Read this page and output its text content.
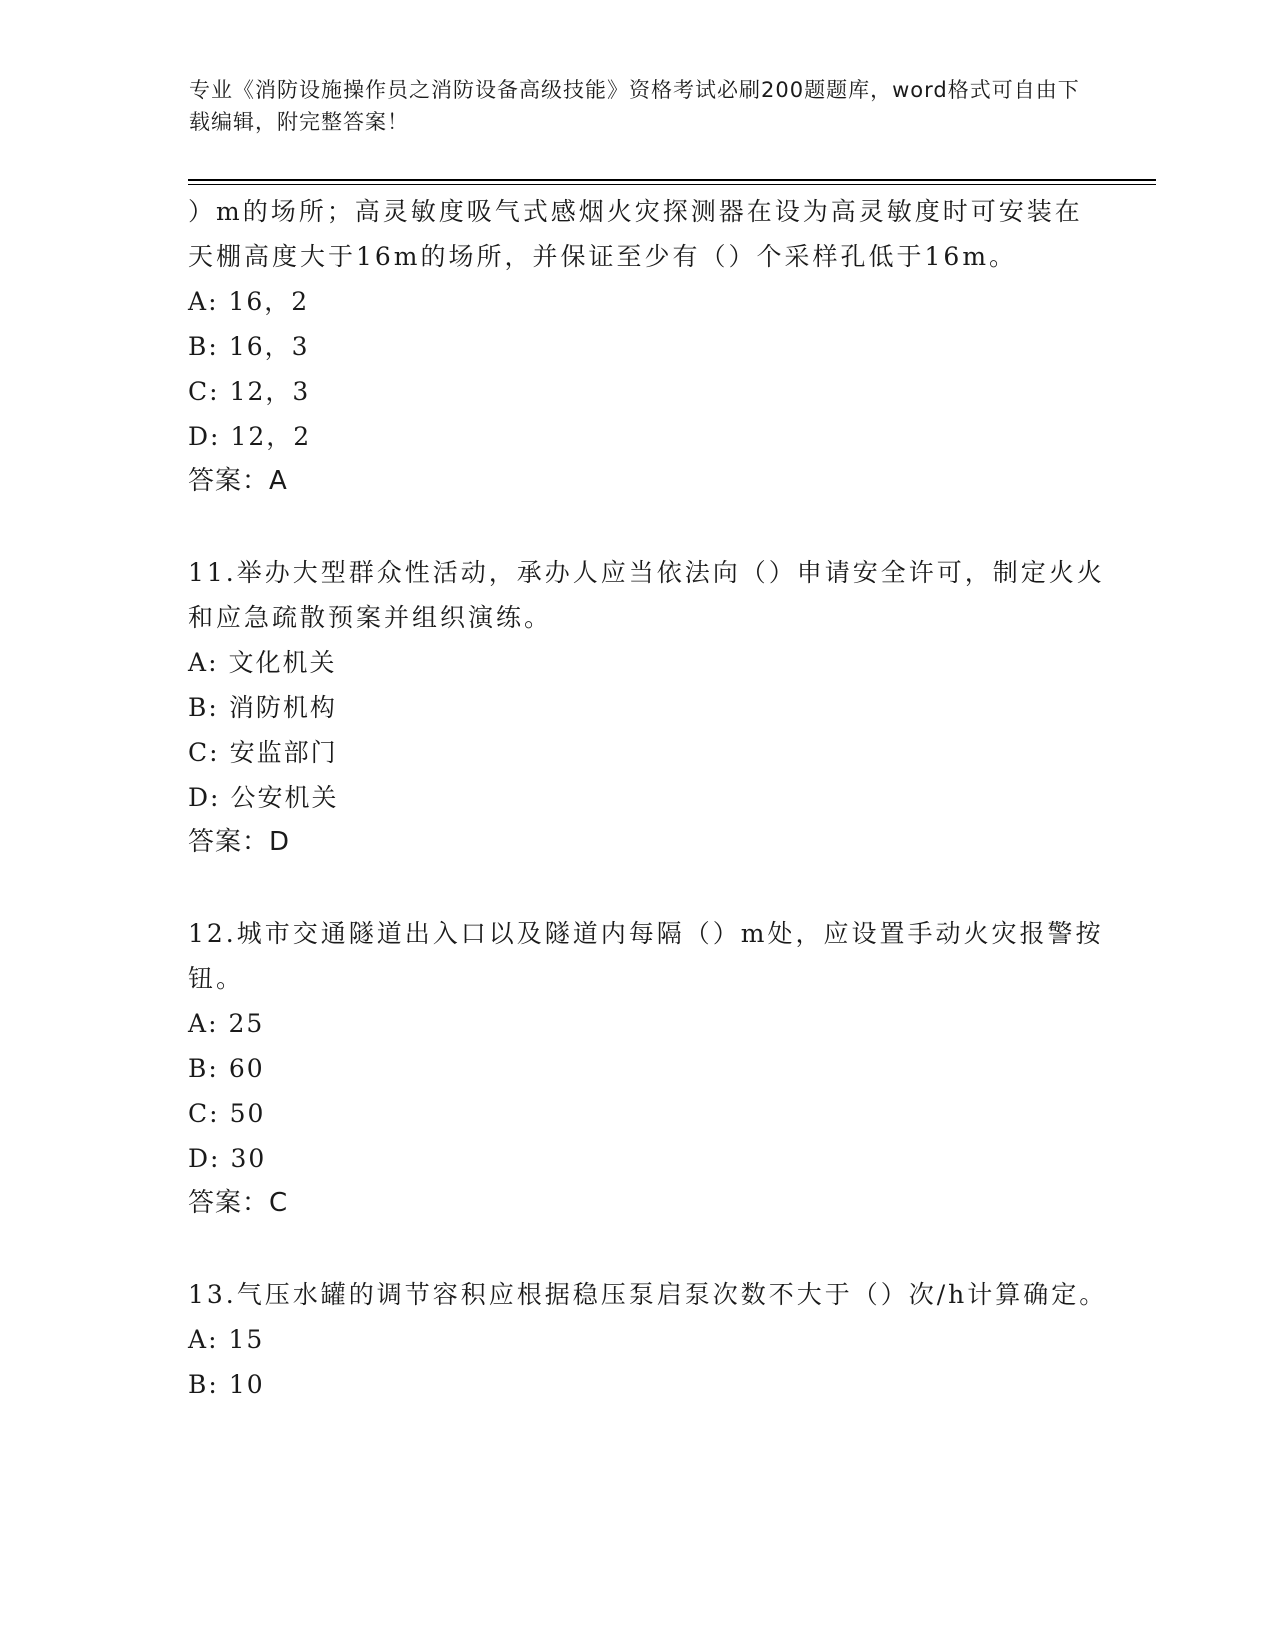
专业《消防设施操作员之消防设备高级技能》资格考试必刷200题题库，word格式可自由下载编辑，附完整答案！

）m的场所；高灵敏度吸气式感烟火灾探测器在设为高灵敏度时可安装在天棚高度大于16m的场所，并保证至少有（）个采样孔低于16m。

A: 16，2

B: 16，3

C: 12，3

D: 12，2

答案：A

11.举办大型群众性活动，承办人应当依法向（）申请安全许可，制定火火和应急疏散预案并组织演练。

A: 文化机关

B: 消防机构

C: 安监部门

D: 公安机关

答案：D

12.城市交通隧道出入口以及隧道内每隔（）m处，应设置手动火灾报警按钮。

A: 25

B: 60

C: 50

D: 30

答案：C

13.气压水罐的调节容积应根据稳压泵启泵次数不大于（）次/h计算确定。

A: 15

B: 10
